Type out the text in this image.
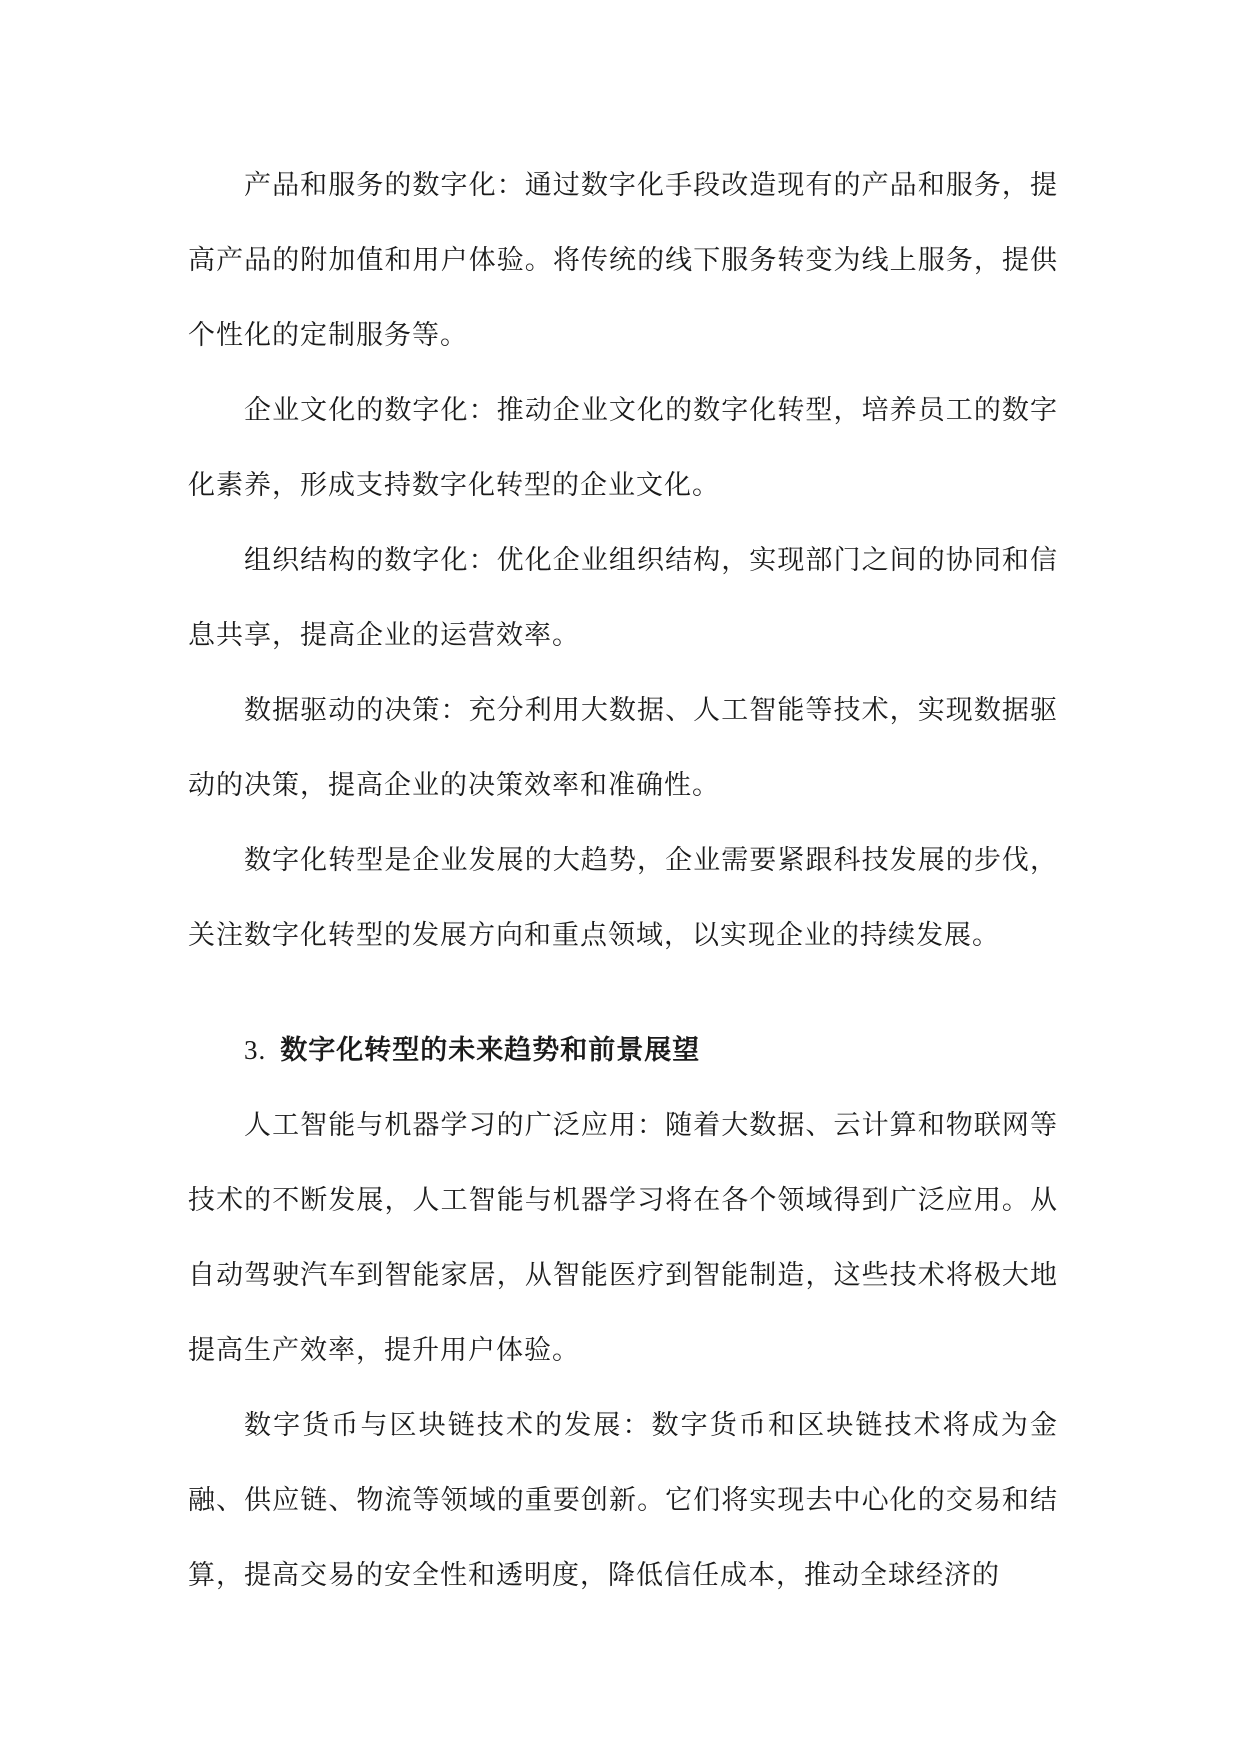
产品和服务的数字化：通过数字化手段改造现有的产品和服务，提高产品的附加值和用户体验。将传统的线下服务转变为线上服务，提供个性化的定制服务等。

企业文化的数字化：推动企业文化的数字化转型，培养员工的数字化素养，形成支持数字化转型的企业文化。

组织结构的数字化：优化企业组织结构，实现部门之间的协同和信息共享，提高企业的运营效率。

数据驱动的决策：充分利用大数据、人工智能等技术，实现数据驱动的决策，提高企业的决策效率和准确性。

数字化转型是企业发展的大趋势，企业需要紧跟科技发展的步伐，关注数字化转型的发展方向和重点领域，以实现企业的持续发展。

3. 数字化转型的未来趋势和前景展望

人工智能与机器学习的广泛应用：随着大数据、云计算和物联网等技术的不断发展，人工智能与机器学习将在各个领域得到广泛应用。从自动驾驶汽车到智能家居，从智能医疗到智能制造，这些技术将极大地提高生产效率，提升用户体验。

数字货币与区块链技术的发展：数字货币和区块链技术将成为金融、供应链、物流等领域的重要创新。它们将实现去中心化的交易和结算，提高交易的安全性和透明度，降低信任成本，推动全球经济的
